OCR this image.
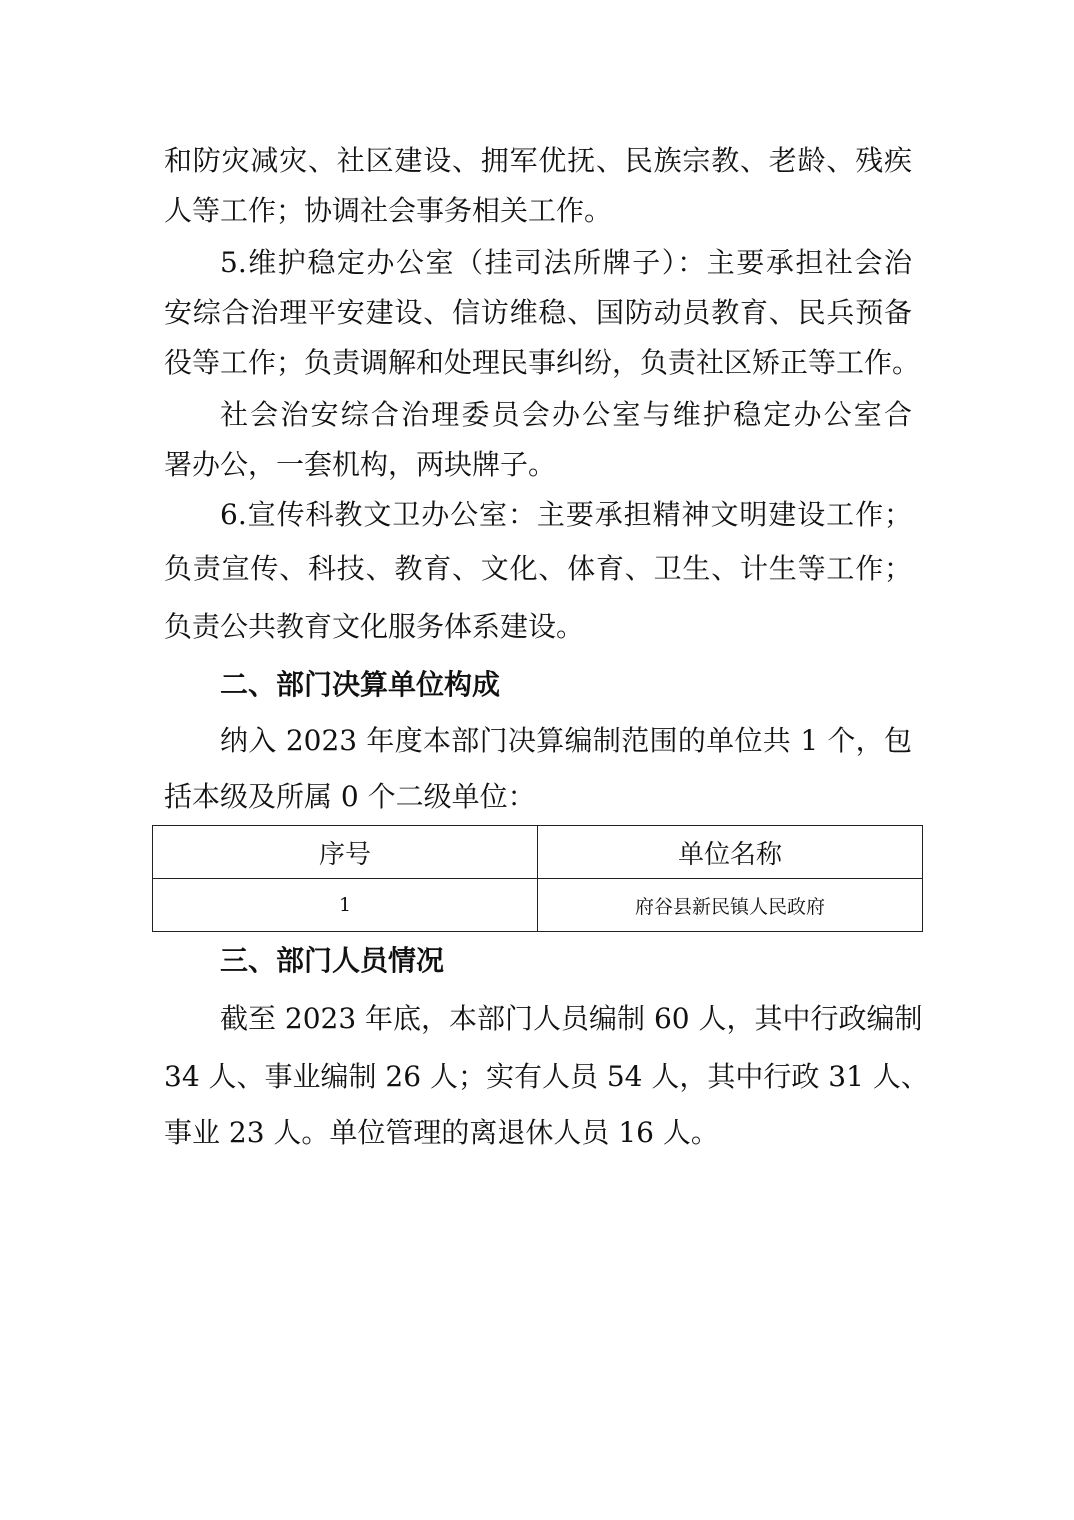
和防灾减灾、社区建设、拥军优抚、民族宗教、老龄、残疾
人等工作；协调社会事务相关工作。
5.维护稳定办公室（挂司法所牌子）：主要承担社会治
安综合治理平安建设、信访维稳、国防动员教育、民兵预备
役等工作；负责调解和处理民事纠纷，负责社区矫正等工作。
社会治安综合治理委员会办公室与维护稳定办公室合
署办公，一套机构，两块牌子。
6.宣传科教文卫办公室：主要承担精神文明建设工作；
负责宣传、科技、教育、文化、体育、卫生、计生等工作；
负责公共教育文化服务体系建设。
二、部门决算单位构成
纳入 2023 年度本部门决算编制范围的单位共 1 个，包
括本级及所属 0 个二级单位：
序号	单位名称
1	府谷县新民镇人民政府
三、部门人员情况
截至 2023 年底，本部门人员编制 60 人，其中行政编制
34 人、事业编制 26 人；实有人员 54 人，其中行政 31 人、
事业 23 人。单位管理的离退休人员 16 人。
